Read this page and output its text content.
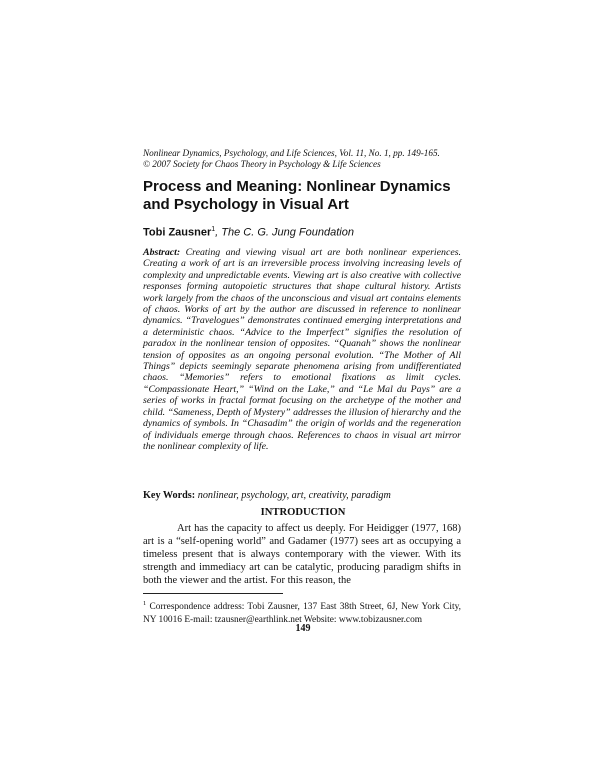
Nonlinear Dynamics, Psychology, and Life Sciences, Vol. 11, No. 1, pp. 149-165.
© 2007 Society for Chaos Theory in Psychology & Life Sciences
Process and Meaning: Nonlinear Dynamics and Psychology in Visual Art
Tobi Zausner$^1$, The C. G. Jung Foundation
Abstract: Creating and viewing visual art are both nonlinear experiences. Creating a work of art is an irreversible process involving increasing levels of complexity and unpredictable events. Viewing art is also creative with collective responses forming autopoietic structures that shape cultural history. Artists work largely from the chaos of the unconscious and visual art contains elements of chaos. Works of art by the author are discussed in reference to nonlinear dynamics. “Travelogues” demonstrates continued emerging interpretations and a deterministic chaos. “Advice to the Imperfect” signifies the resolution of paradox in the nonlinear tension of opposites. “Quanah” shows the nonlinear tension of opposites as an ongoing personal evolution. “The Mother of All Things” depicts seemingly separate phenomena arising from undifferentiated chaos. “Memories” refers to emotional fixations as limit cycles. “Compassionate Heart,” “Wind on the Lake,” and “Le Mal du Pays” are a series of works in fractal format focusing on the archetype of the mother and child. “Sameness, Depth of Mystery” addresses the illusion of hierarchy and the dynamics of symbols. In “Chasadim” the origin of worlds and the regeneration of individuals emerge through chaos. References to chaos in visual art mirror the nonlinear complexity of life.
Key Words: nonlinear, psychology, art, creativity, paradigm
INTRODUCTION
Art has the capacity to affect us deeply. For Heidigger (1977, 168) art is a “self-opening world” and Gadamer (1977) sees art as occupying a timeless present that is always contemporary with the viewer. With its strength and immediacy art can be catalytic, producing paradigm shifts in both the viewer and the artist. For this reason, the
$^1$ Correspondence address: Tobi Zausner, 137 East 38th Street, 6J, New York City, NY 10016 E-mail: tzausner@earthlink.net Website: www.tobizausner.com
149
